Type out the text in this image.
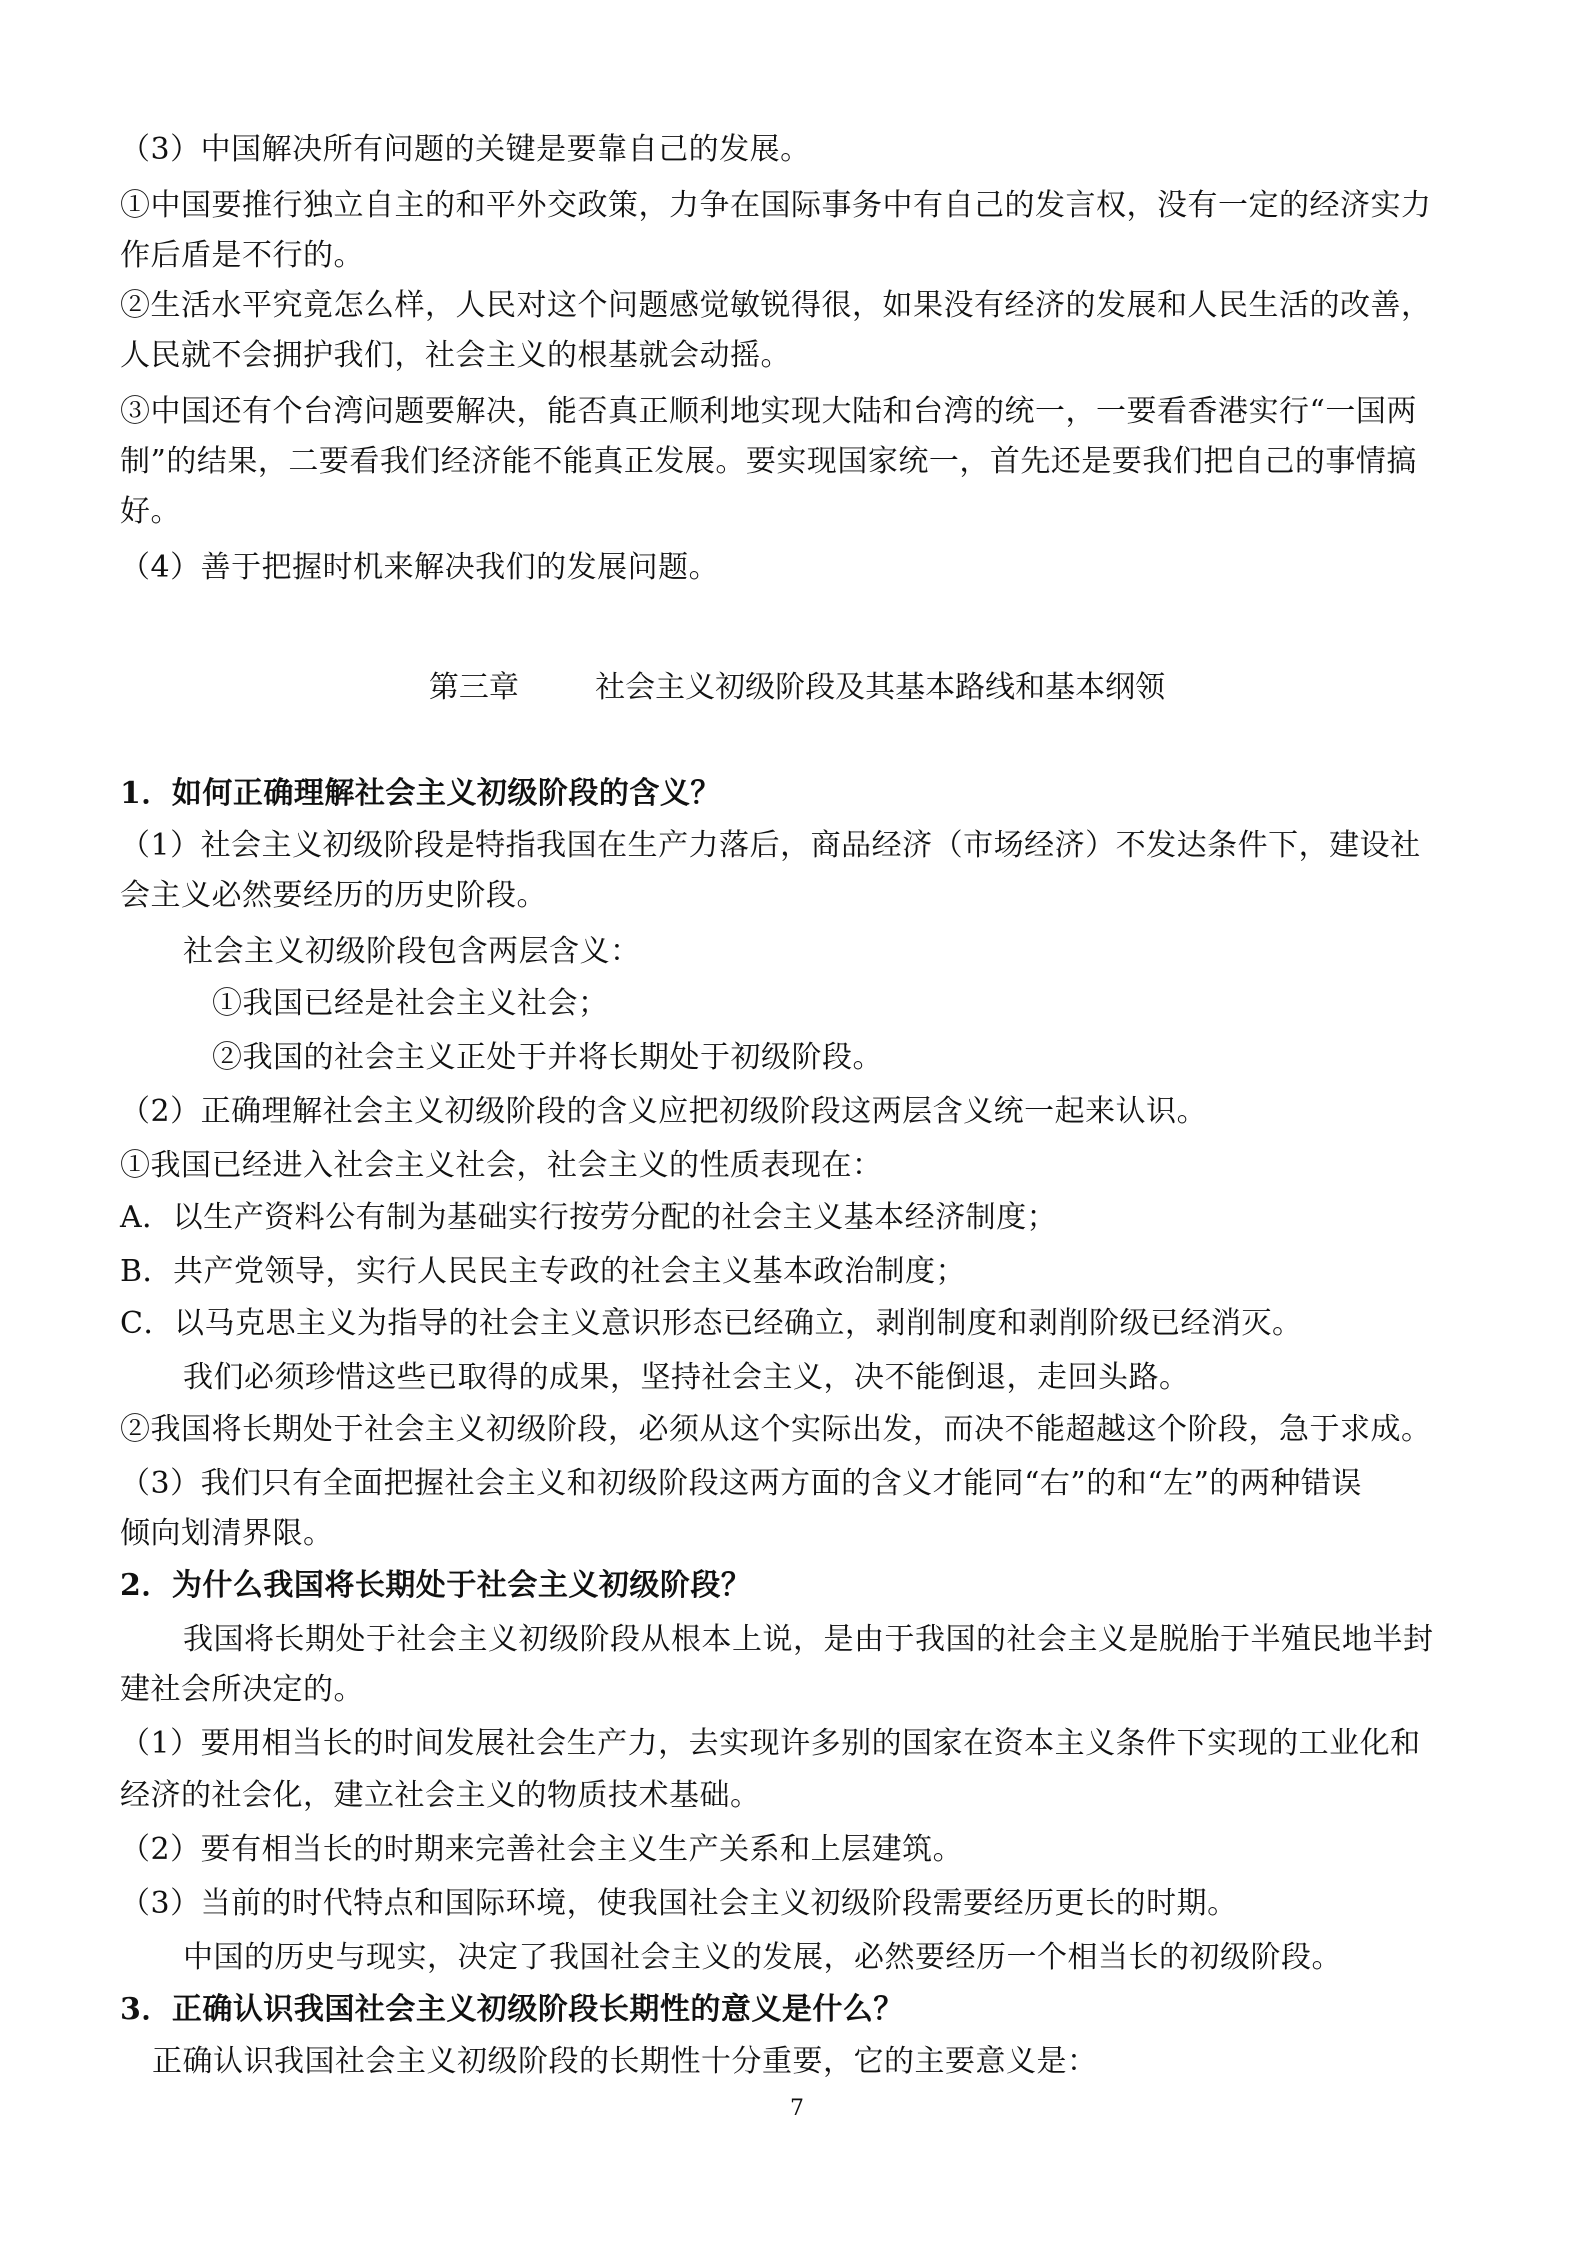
（3）中国解决所有问题的关键是要靠自己的发展。

①中国要推行独立自主的和平外交政策，力争在国际事务中有自己的发言权，没有一定的经济实力

作后盾是不行的。

②生活水平究竟怎么样，人民对这个问题感觉敏锐得很，如果没有经济的发展和人民生活的改善，

人民就不会拥护我们，社会主义的根基就会动摇。

③中国还有个台湾问题要解决，能否真正顺利地实现大陆和台湾的统一，一要看香港实行“一国两

制”的结果，二要看我们经济能不能真正发展。要实现国家统一，首先还是要我们把自己的事情搞

好。

（4）善于把握时机来解决我们的发展问题。

第三章        社会主义初级阶段及其基本路线和基本纲领

1．如何正确理解社会主义初级阶段的含义？

（1）社会主义初级阶段是特指我国在生产力落后，商品经济（市场经济）不发达条件下，建设社

会主义必然要经历的历史阶段。

社会主义初级阶段包含两层含义：

①我国已经是社会主义社会；

②我国的社会主义正处于并将长期处于初级阶段。

（2）正确理解社会主义初级阶段的含义应把初级阶段这两层含义统一起来认识。

①我国已经进入社会主义社会，社会主义的性质表现在：

A．以生产资料公有制为基础实行按劳分配的社会主义基本经济制度；

B．共产党领导，实行人民民主专政的社会主义基本政治制度；

C．以马克思主义为指导的社会主义意识形态已经确立，剥削制度和剥削阶级已经消灭。

我们必须珍惜这些已取得的成果，坚持社会主义，决不能倒退，走回头路。

②我国将长期处于社会主义初级阶段，必须从这个实际出发，而决不能超越这个阶段，急于求成。

（3）我们只有全面把握社会主义和初级阶段这两方面的含义才能同“右”的和“左”的两种错误

倾向划清界限。

2．为什么我国将长期处于社会主义初级阶段？

我国将长期处于社会主义初级阶段从根本上说，是由于我国的社会主义是脱胎于半殖民地半封

建社会所决定的。

（1）要用相当长的时间发展社会生产力，去实现许多别的国家在资本主义条件下实现的工业化和

经济的社会化，建立社会主义的物质技术基础。

（2）要有相当长的时期来完善社会主义生产关系和上层建筑。

（3）当前的时代特点和国际环境，使我国社会主义初级阶段需要经历更长的时期。

中国的历史与现实，决定了我国社会主义的发展，必然要经历一个相当长的初级阶段。

3．正确认识我国社会主义初级阶段长期性的意义是什么？

正确认识我国社会主义初级阶段的长期性十分重要，它的主要意义是：

7
